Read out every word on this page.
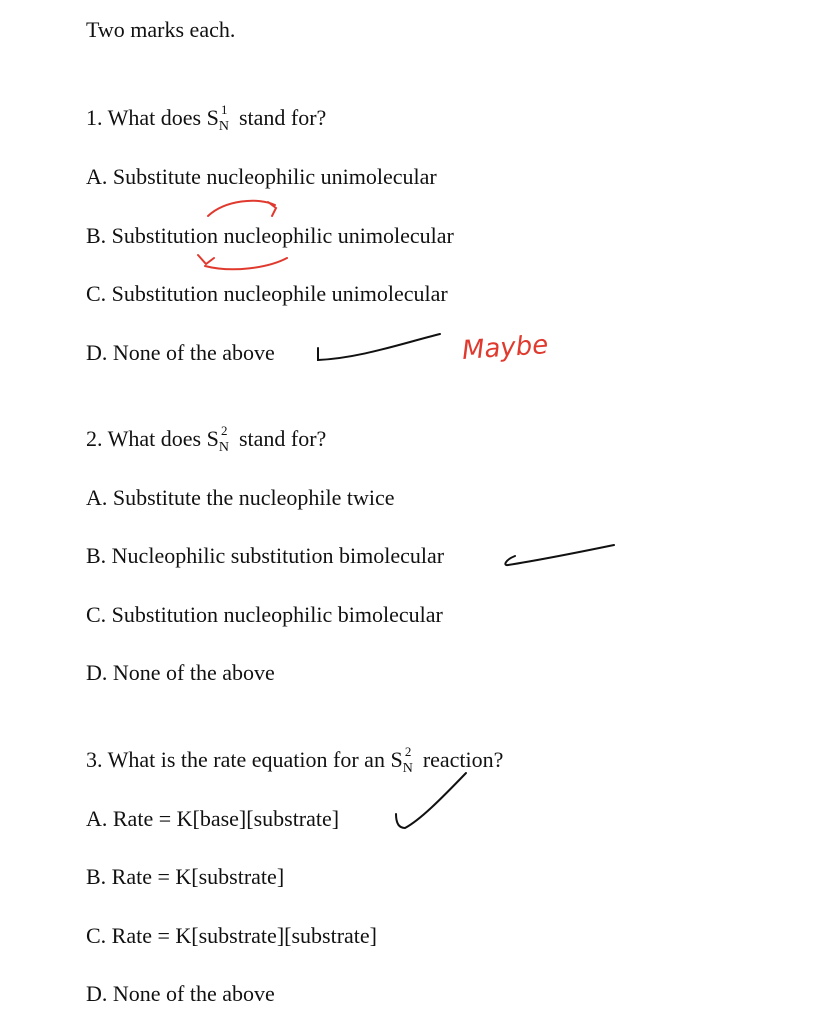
Two marks each.
1. What does $S_N^1$ stand for?
A. Substitute nucleophilic unimolecular
B. Substitution nucleophilic unimolecular
C. Substitution nucleophile unimolecular
D. None of the above
2. What does $S_N^2$ stand for?
A. Substitute the nucleophile twice
B. Nucleophilic substitution bimolecular
C. Substitution nucleophilic bimolecular
D. None of the above
3. What is the rate equation for an $S_N^2$ reaction?
A. Rate = K[base][substrate]
B. Rate = K[substrate]
C. Rate = K[substrate][substrate]
D. None of the above
Maybe
